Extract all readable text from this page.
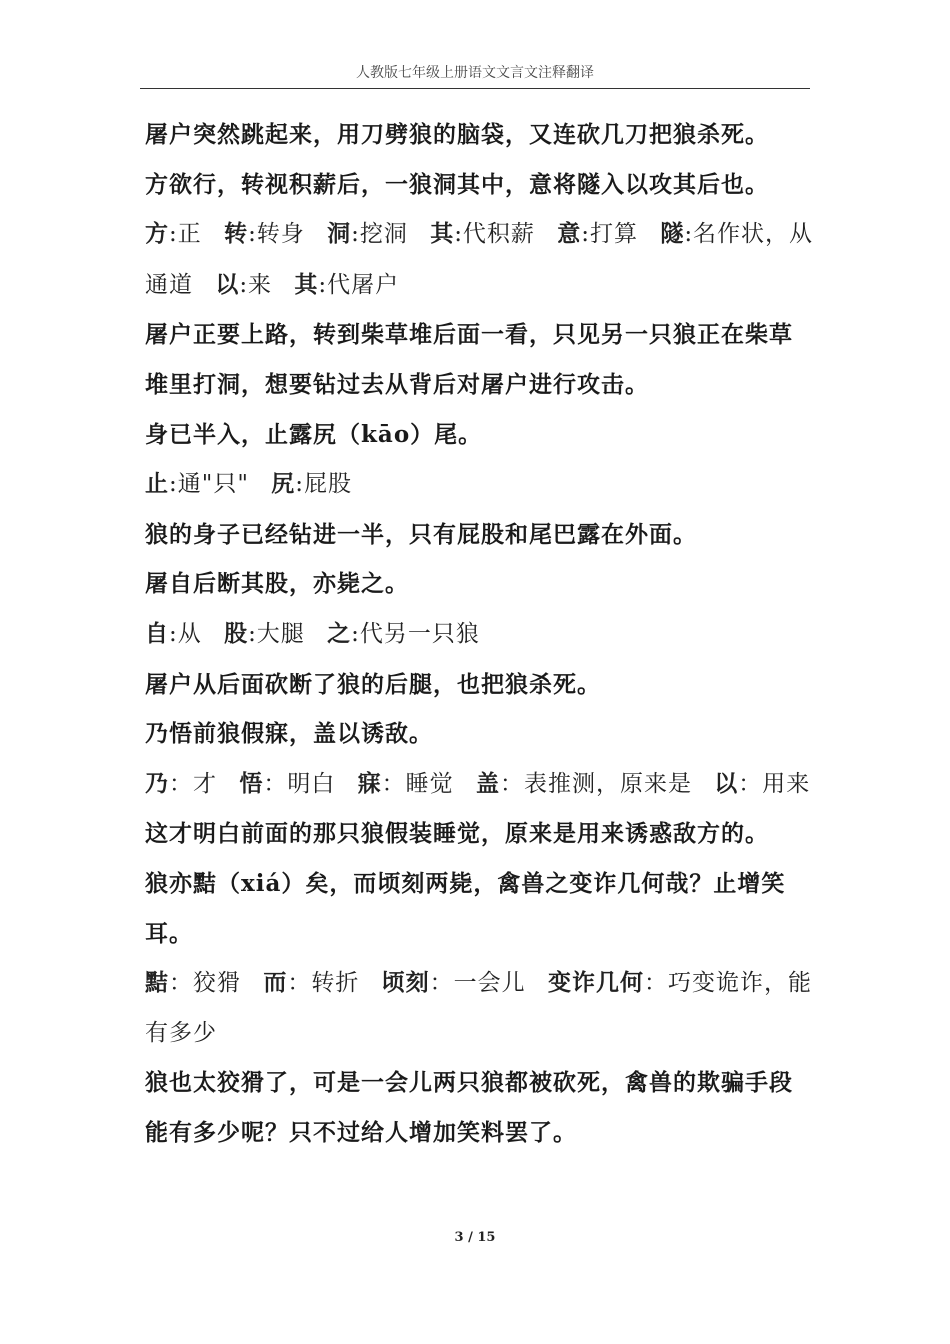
人教版七年级上册语文文言文注释翻译

屠户突然跳起来，用刀劈狼的脑袋，又连砍几刀把狼杀死。

方欲行，转视积薪后，一狼洞其中，意将隧入以攻其后也。

方:正 转:转身 洞:挖洞 其:代积薪 意:打算 隧:名作状，从通道 以:来 其:代屠户

屠户正要上路，转到柴草堆后面一看，只见另一只狼正在柴草堆里打洞，想要钻过去从背后对屠户进行攻击。

身已半入，止露尻（kāo）尾。

止:通"只" 尻:屁股

狼的身子已经钻进一半，只有屁股和尾巴露在外面。

屠自后断其股，亦毙之。

自:从 股:大腿 之:代另一只狼

屠户从后面砍断了狼的后腿，也把狼杀死。

乃悟前狼假寐，盖以诱敌。

乃：才 悟：明白 寐：睡觉 盖：表推测，原来是 以：用来

这才明白前面的那只狼假装睡觉，原来是用来诱惑敌方的。

狼亦黠（xiá）矣，而顷刻两毙，禽兽之变诈几何哉？止增笑耳。

黠：狡猾 而：转折 顷刻：一会儿 变诈几何：巧变诡诈，能有多少

狼也太狡猾了，可是一会儿两只狼都被砍死，禽兽的欺骗手段能有多少呢？只不过给人增加笑料罢了。

3 / 15
